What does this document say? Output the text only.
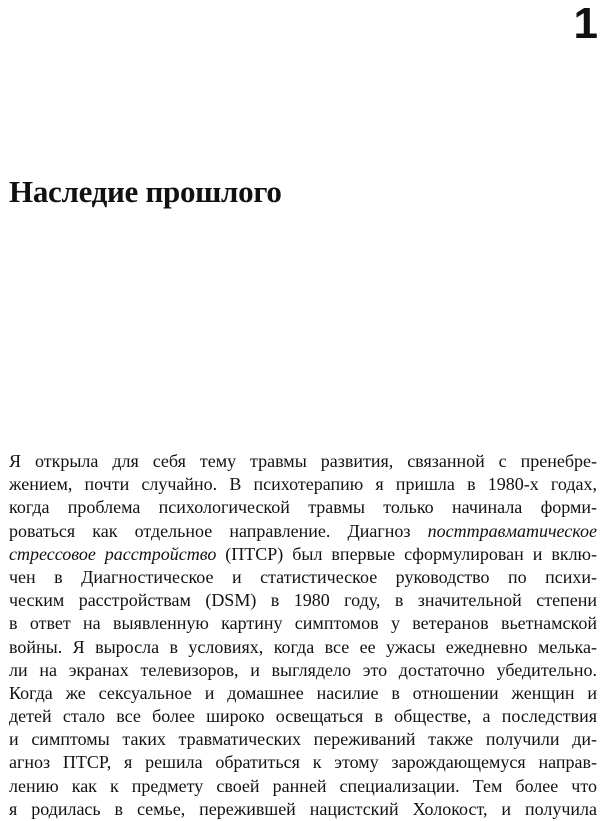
1
Наследие прошлого
Я открыла для себя тему травмы развития, связанной с пренебре-
жением, почти случайно. В психотерапию я пришла в 1980-х годах,
когда проблема психологической травмы только начинала форми-
роваться как отдельное направление. Диагноз посттравматическое
стрессовое расстройство (ПТСР) был впервые сформулирован и вклю-
чен в Диагностическое и статистическое руководство по психи-
ческим расстройствам (DSM) в 1980 году, в значительной степени
в ответ на выявленную картину симптомов у ветеранов вьетнамской
войны. Я выросла в условиях, когда все ее ужасы ежедневно мелька-
ли на экранах телевизоров, и выглядело это достаточно убедительно.
Когда же сексуальное и домашнее насилие в отношении женщин и
детей стало все более широко освещаться в обществе, а последствия
и симптомы таких травматических переживаний также получили ди-
агноз ПТСР, я решила обратиться к этому зарождающемуся направ-
лению как к предмету своей ранней специализации. Тем более что
я родилась в семье, пережившей нацистский Холокост, и получила
